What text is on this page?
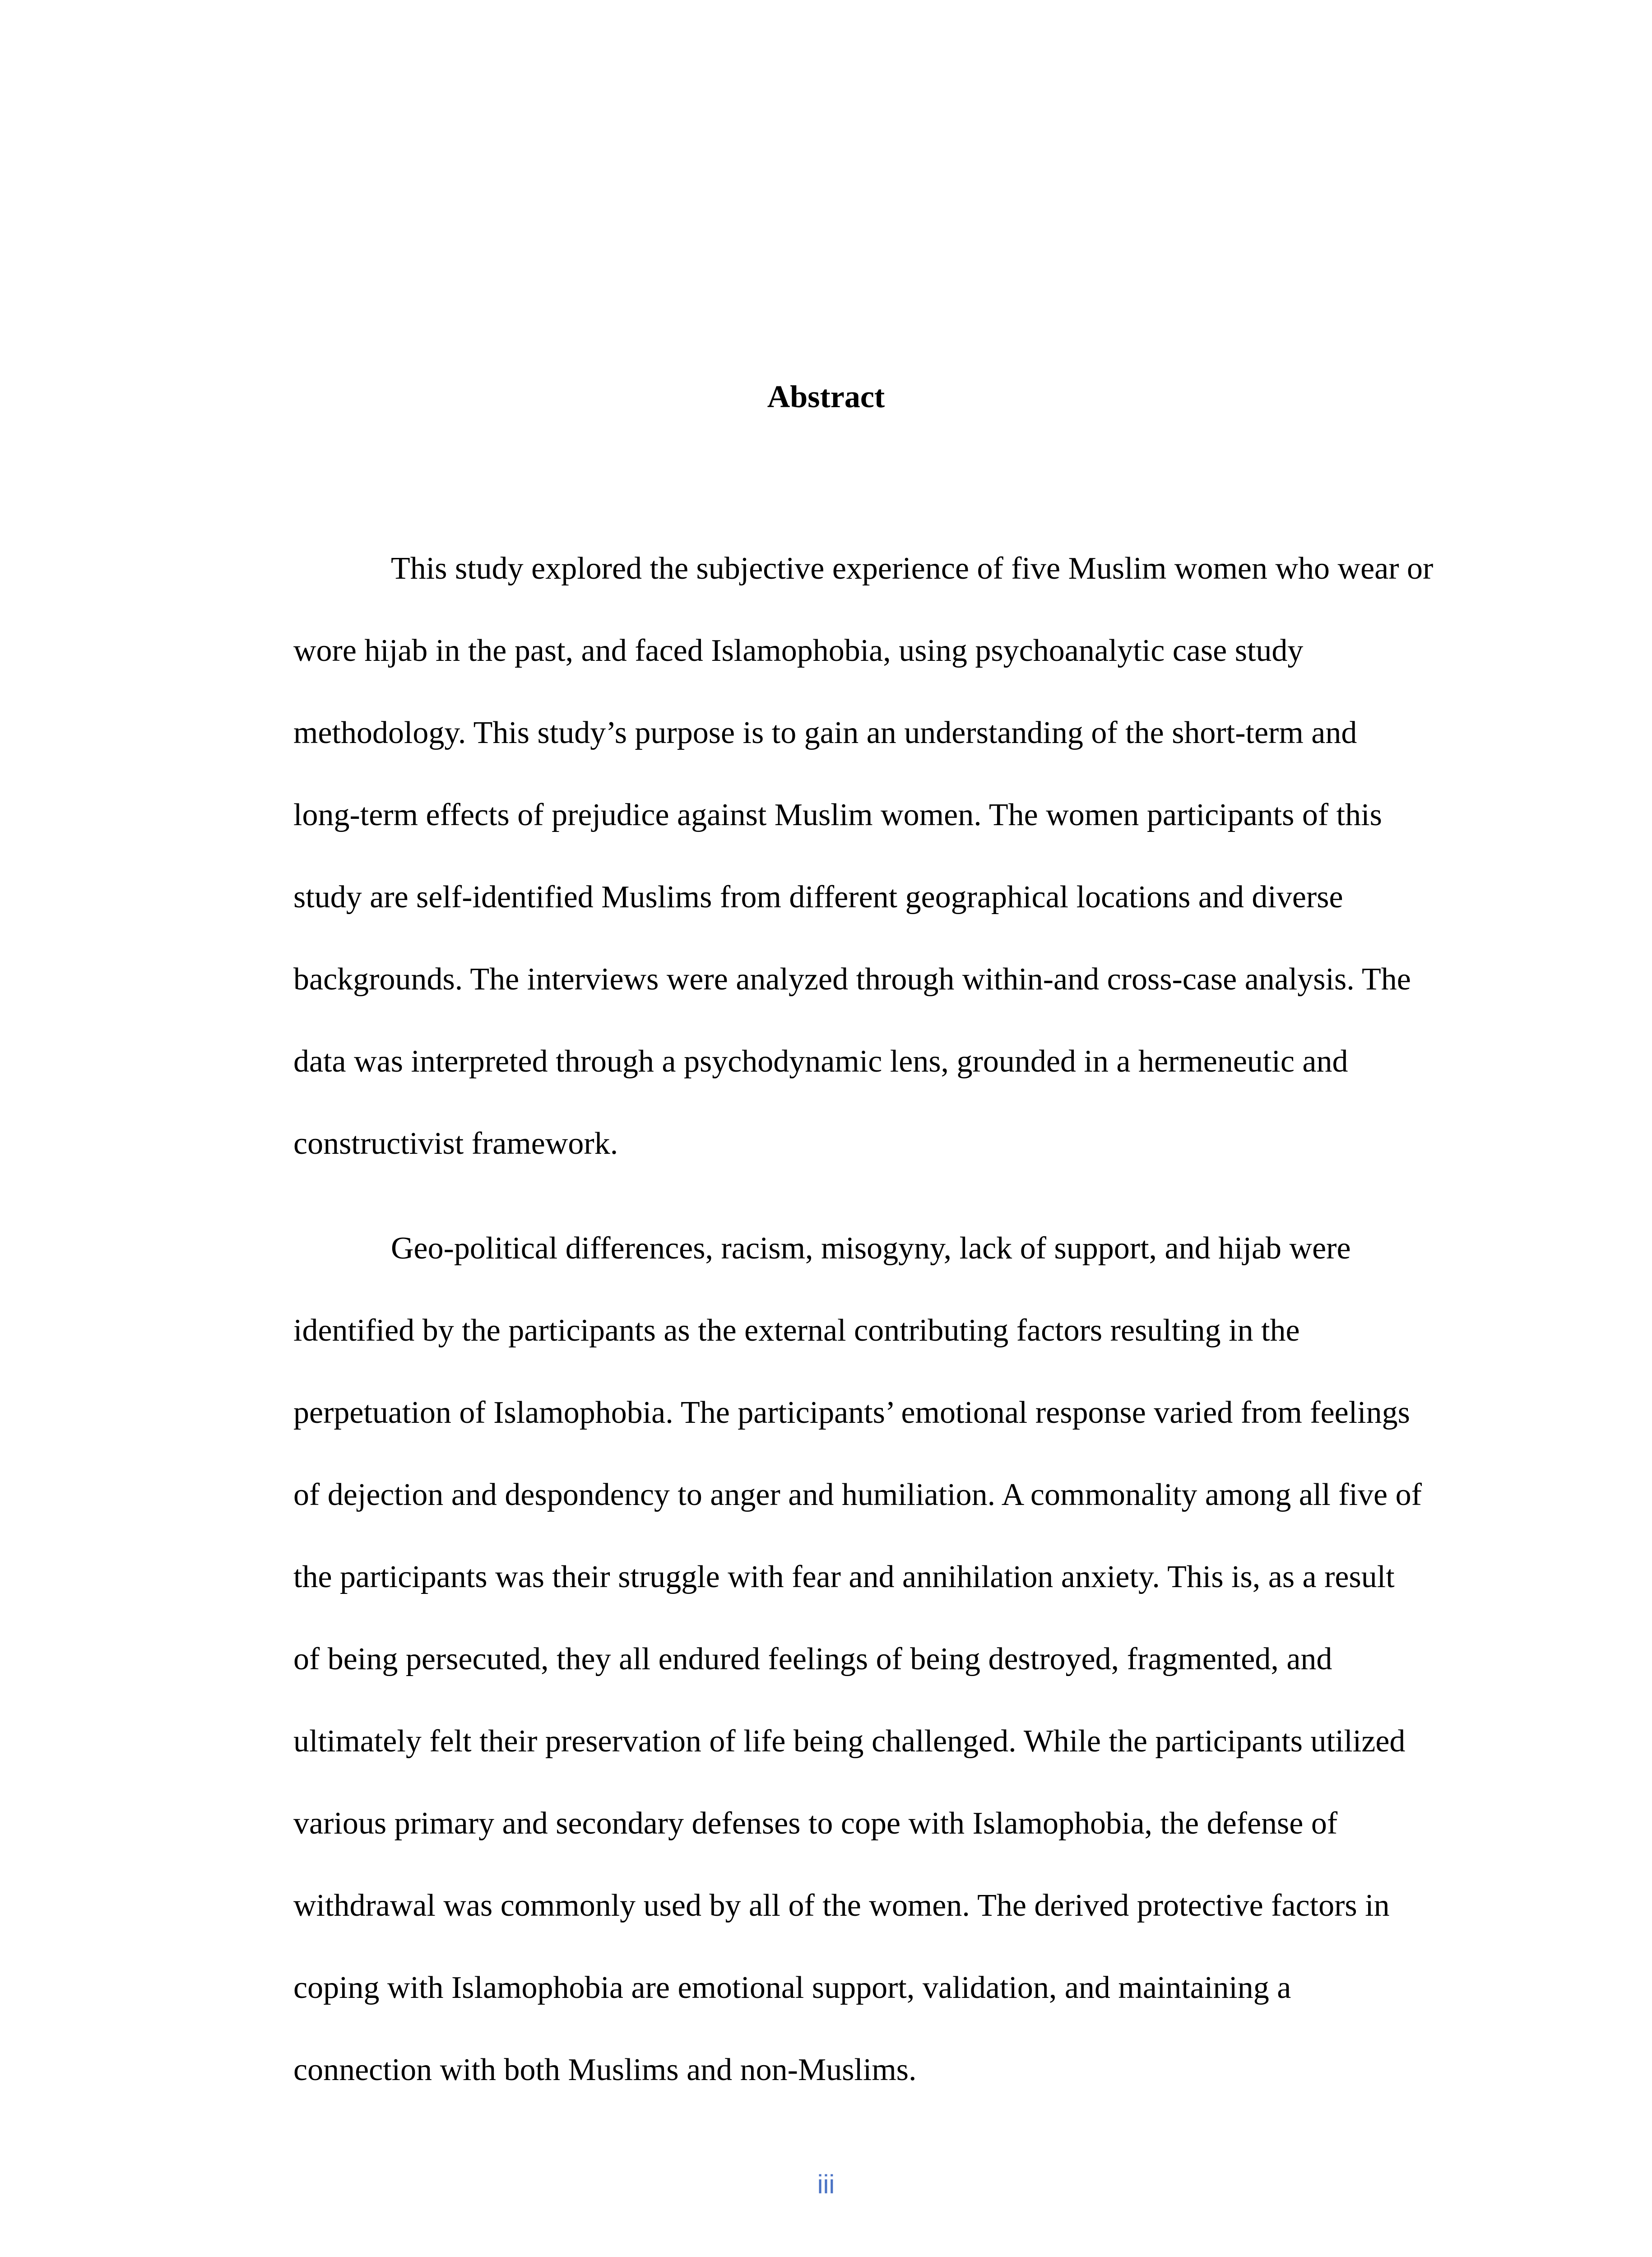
Abstract

This study explored the subjective experience of five Muslim women who wear or
wore hijab in the past, and faced Islamophobia, using psychoanalytic case study
methodology. This study’s purpose is to gain an understanding of the short-term and
long-term effects of prejudice against Muslim women. The women participants of this
study are self-identified Muslims from different geographical locations and diverse
backgrounds. The interviews were analyzed through within-and cross-case analysis. The
data was interpreted through a psychodynamic lens, grounded in a hermeneutic and
constructivist framework.

Geo-political differences, racism, misogyny, lack of support, and hijab were
identified by the participants as the external contributing factors resulting in the
perpetuation of Islamophobia. The participants’ emotional response varied from feelings
of dejection and despondency to anger and humiliation. A commonality among all five of
the participants was their struggle with fear and annihilation anxiety. This is, as a result
of being persecuted, they all endured feelings of being destroyed, fragmented, and
ultimately felt their preservation of life being challenged. While the participants utilized
various primary and secondary defenses to cope with Islamophobia, the defense of
withdrawal was commonly used by all of the women. The derived protective factors in
coping with Islamophobia are emotional support, validation, and maintaining a
connection with both Muslims and non-Muslims.

iii
